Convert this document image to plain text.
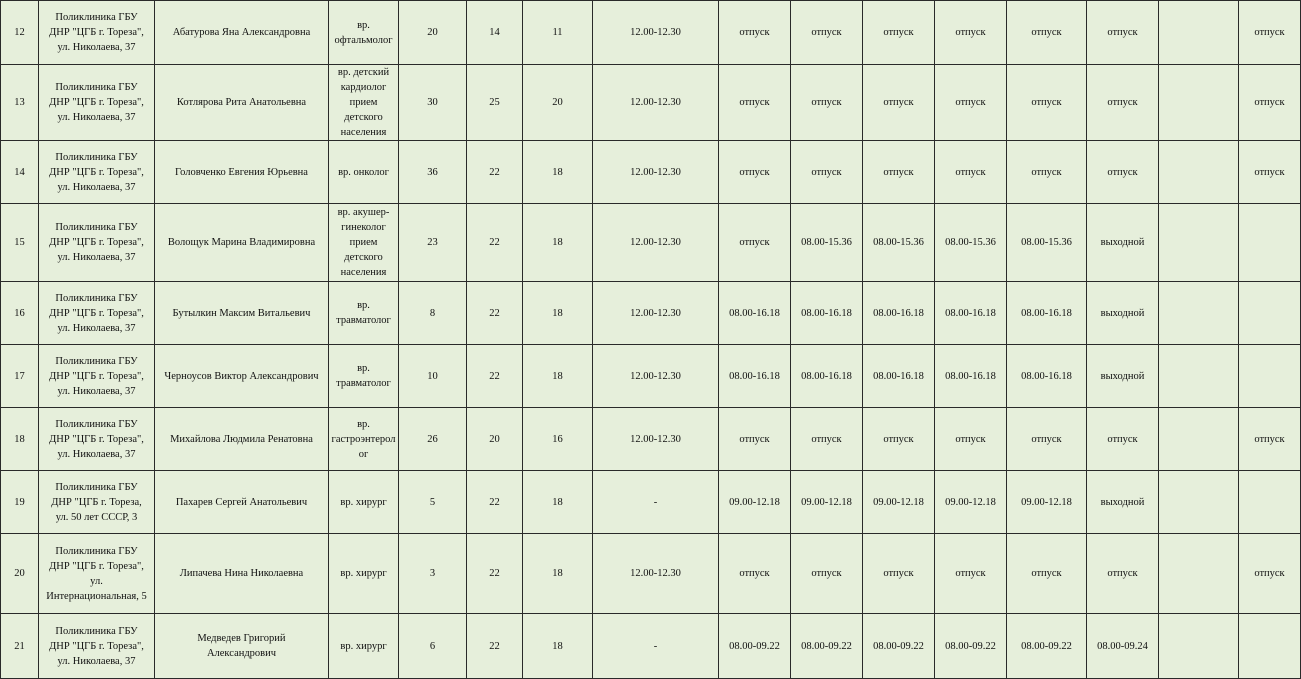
12	Поликлиника ГБУ
ДНР "ЦГБ г. Тореза",
ул. Николаева, 37	Абатурова Яна Александровна	вр.
офтальмолог	20	14	11	12.00-12.30	отпуск	отпуск	отпуск	отпуск	отпуск	отпуск		отпуск
13	Поликлиника ГБУ
ДНР "ЦГБ г. Тореза",
ул. Николаева, 37	Котлярова Рита Анатольевна	вр. детский
кардиолог
прием
детского
населения	30	25	20	12.00-12.30	отпуск	отпуск	отпуск	отпуск	отпуск	отпуск		отпуск
14	Поликлиника ГБУ
ДНР "ЦГБ г. Тореза",
ул. Николаева, 37	Головченко Евгения Юрьевна	вр. онколог	36	22	18	12.00-12.30	отпуск	отпуск	отпуск	отпуск	отпуск	отпуск		отпуск
15	Поликлиника ГБУ
ДНР "ЦГБ г. Тореза",
ул. Николаева, 37	Волощук Марина Владимировна	вр. акушер-
гинеколог
прием
детского
населения	23	22	18	12.00-12.30	отпуск	08.00-15.36	08.00-15.36	08.00-15.36	08.00-15.36	выходной		
16	Поликлиника ГБУ
ДНР "ЦГБ г. Тореза",
ул. Николаева, 37	Бутылкин Максим Витальевич	вр.
травматолог	8	22	18	12.00-12.30	08.00-16.18	08.00-16.18	08.00-16.18	08.00-16.18	08.00-16.18	выходной		
17	Поликлиника ГБУ
ДНР "ЦГБ г. Тореза",
ул. Николаева, 37	Черноусов Виктор Александрович	вр.
травматолог	10	22	18	12.00-12.30	08.00-16.18	08.00-16.18	08.00-16.18	08.00-16.18	08.00-16.18	выходной		
18	Поликлиника ГБУ
ДНР "ЦГБ г. Тореза",
ул. Николаева, 37	Михайлова Людмила Ренатовна	вр.
гастроэнтерол
ог	26	20	16	12.00-12.30	отпуск	отпуск	отпуск	отпуск	отпуск	отпуск		отпуск
19	Поликлиника ГБУ
ДНР "ЦГБ г. Тореза,
ул. 50 лет СССР, 3	Пахарев Сергей Анатольевич	вр. хирург	5	22	18	-	09.00-12.18	09.00-12.18	09.00-12.18	09.00-12.18	09.00-12.18	выходной		
20	Поликлиника ГБУ
ДНР "ЦГБ г. Тореза",
ул.
Интернациональная, 5	Липачева Нина Николаевна	вр. хирург	3	22	18	12.00-12.30	отпуск	отпуск	отпуск	отпуск	отпуск	отпуск		отпуск
21	Поликлиника ГБУ
ДНР "ЦГБ г. Тореза",
ул. Николаева, 37	Медведев Григорий
Александрович	вр. хирург	6	22	18	-	08.00-09.22	08.00-09.22	08.00-09.22	08.00-09.22	08.00-09.22	08.00-09.24		
